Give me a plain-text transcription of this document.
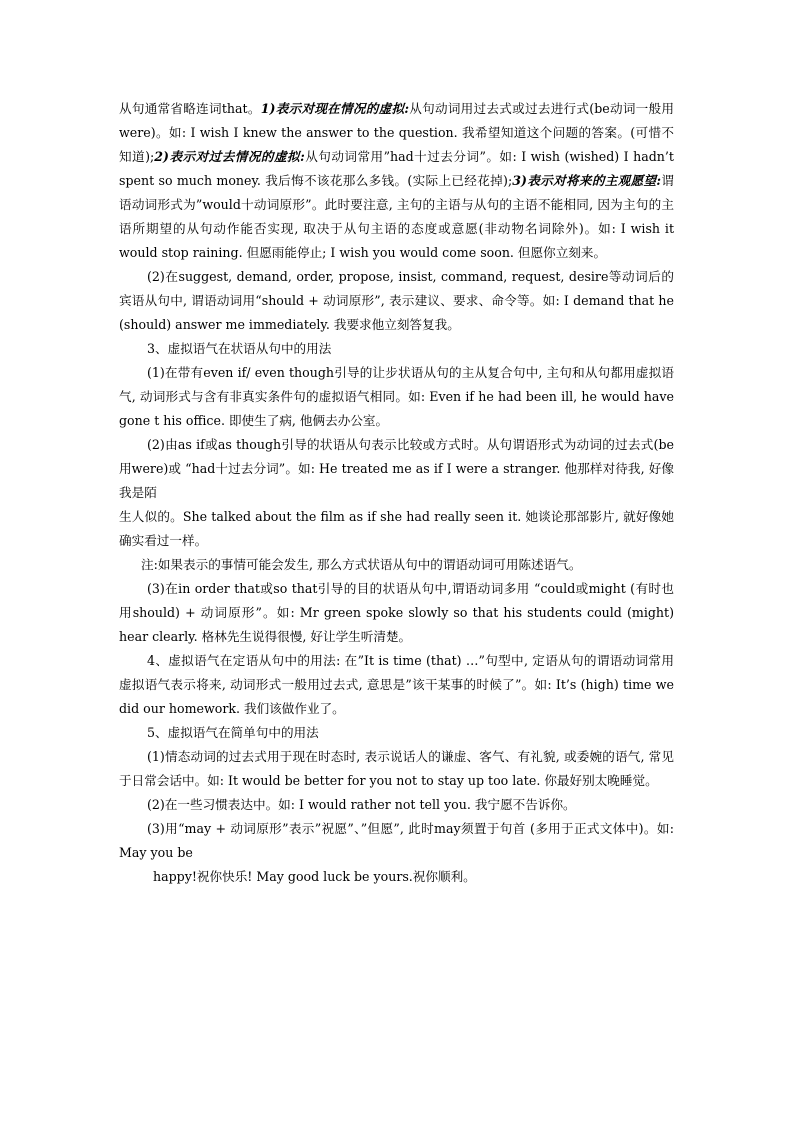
从句通常省略连词that。1)表示对现在情况的虚拟:从句动词用过去式或过去进行式(be动词一般用were)。如: I wish I knew the answer to the question. 我希望知道这个问题的答案。(可惜不知道);2)表示对过去情况的虚拟:从句动词常用”had十过去分词”。如: I wish (wished) I hadn’t spent so much money. 我后悔不该花那么多钱。(实际上已经花掉);3)表示对将来的主观愿望:谓语动词形式为”would十动词原形”。此时要注意, 主句的主语与从句的主语不能相同, 因为主句的主语所期望的从句动作能否实现, 取决于从句主语的态度或意愿(非动物名词除外)。如: I wish it would stop raining. 但愿雨能停止; I wish you would come soon. 但愿你立刻来。

(2)在suggest, demand, order, propose, insist, command, request, desire等动词后的宾语从句中, 谓语动词用“should + 动词原形”, 表示建议、要求、命令等。如: I demand that he (should) answer me immediately. 我要求他立刻答复我。

3、虚拟语气在状语从句中的用法

(1)在带有even if/ even though引导的让步状语从句的主从复合句中, 主句和从句都用虚拟语气, 动词形式与含有非真实条件句的虚拟语气相同。如: Even if he had been ill, he would have gone t his office. 即使生了病, 他俩去办公室。

(2)由as if或as though引导的状语从句表示比较或方式时。从句谓语形式为动词的过去式(be用were)或 “had十过去分词”。如: He treated me as if I were a stranger. 他那样对待我, 好像我是陌

生人似的。She talked about the film as if she had really seen it. 她谈论那部影片, 就好像她确实看过一样。

注:如果表示的事情可能会发生, 那么方式状语从句中的谓语动词可用陈述语气。

(3)在in order that或so that引导的目的状语从句中,谓语动词多用 “could或might (有时也用should) + 动词原形”。如: Mr green spoke slowly so that his students could (might) hear clearly. 格林先生说得很慢, 好让学生听清楚。

4、虚拟语气在定语从句中的用法: 在”It is time (that) …”句型中, 定语从句的谓语动词常用虚拟语气表示将来, 动词形式一般用过去式, 意思是”该干某事的时候了”。如: It’s (high) time we did our homework. 我们该做作业了。

5、虚拟语气在简单句中的用法

(1)情态动词的过去式用于现在时态时, 表示说话人的谦虚、客气、有礼貌, 或委婉的语气, 常见于日常会话中。如: It would be better for you not to stay up too late. 你最好别太晚睡觉。

(2)在一些习惯表达中。如: I would rather not tell you. 我宁愿不告诉你。

(3)用“may + 动词原形”表示”祝愿”、”但愿”, 此时may须置于句首 (多用于正式文体中)。如: May you be

happy!祝你快乐! May good luck be yours.祝你顺利。
